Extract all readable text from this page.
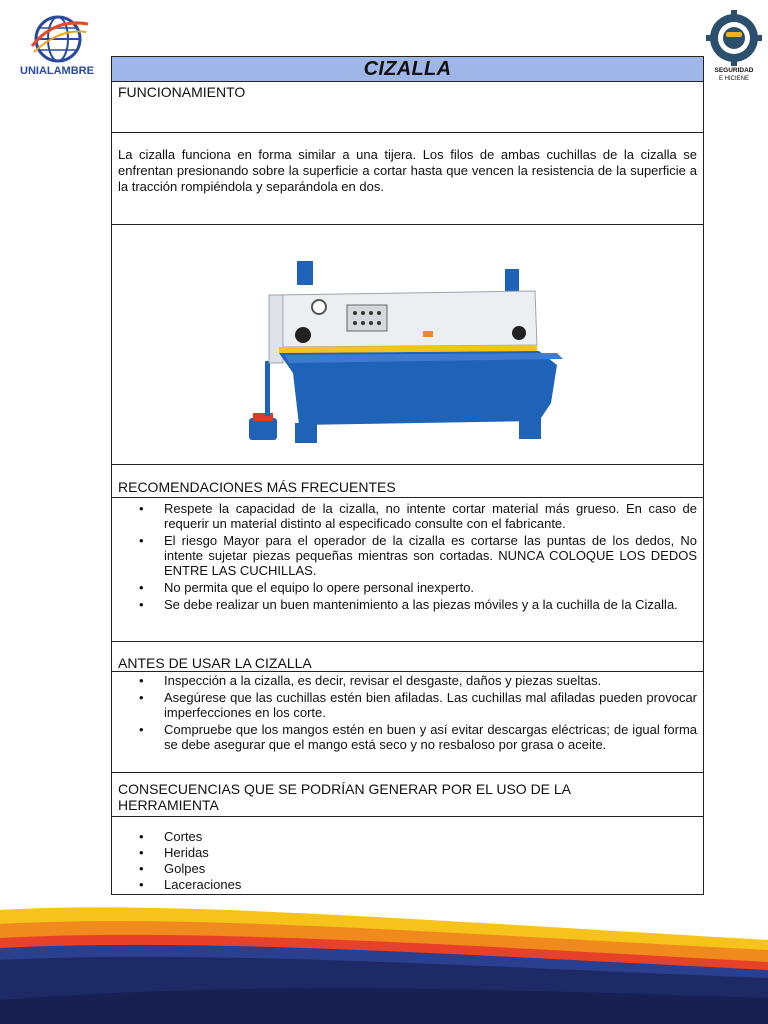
UNIALAMBRE	SEGURIDAD
E HICIENE
CIZALLA
FUNCIONAMIENTO
La cizalla funciona en forma similar a una tijera. Los filos de ambas cuchillas de la cizalla se enfrentan presionando sobre la superficie a cortar hasta que vencen la resistencia de la superficie a la tracción rompiéndola y separándola en dos.
RECOMENDACIONES MÁS FRECUENTES
• Respete la capacidad de la cizalla, no intente cortar material más grueso. En caso de requerir un material distinto al especificado consulte con el fabricante.
• El riesgo Mayor para el operador de la cizalla es cortarse las puntas de los dedos, No intente sujetar piezas pequeñas mientras son cortadas. NUNCA COLOQUE LOS DEDOS ENTRE LAS CUCHILLAS.
• No permita que el equipo lo opere personal inexperto.
• Se debe realizar un buen mantenimiento a las piezas móviles y a la cuchilla de la Cizalla.
ANTES DE USAR LA CIZALLA
• Inspección a la cizalla, es decir, revisar el desgaste, daños y piezas sueltas.
• Asegúrese que las cuchillas estén bien afiladas. Las cuchillas mal afiladas pueden provocar imperfecciones en los corte.
• Compruebe que los mangos estén en buen y así evitar descargas eléctricas; de igual forma se debe asegurar que el mango está seco y no resbaloso por grasa o aceite.
CONSECUENCIAS QUE SE PODRÍAN GENERAR POR EL USO DE LA HERRAMIENTA
• Cortes
• Heridas
• Golpes
• Laceraciones
